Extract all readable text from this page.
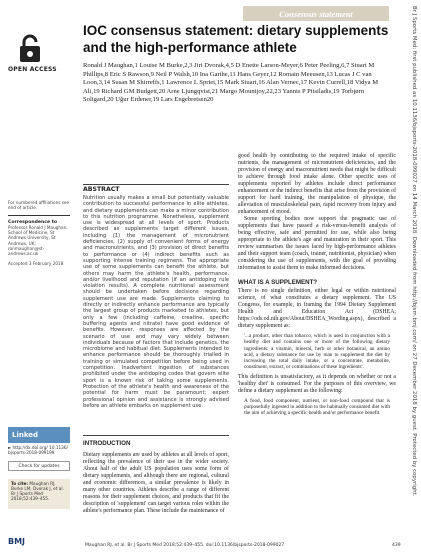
Consensus statement
OPEN ACCESS
IOC consensus statement: dietary supplements and the high-performance athlete
Ronald J Maughan,1 Louise M Burke,2,3 Jiri Dvorak,4,5 D Enette Larson-Meyer,6 Peter Peeling,6,7 Stuart M Phillips,8 Eric S Rawson,9 Neil P Walsh,10 Ina Garthe,11 Hans Geyer,12 Romain Meeusen,13 Lucas J C van Loon,3,14 Susan M Shirreffs,1 Lawrence L Spriet,15 Mark Stuart,16 Alan Vernec,17 Kevin Currell,18 Vidya M Ali,19 Richard GM Budgett,20 Arne Ljungqvist,21 Margo Mountjoy,22,23 Yannis P Pitsiladis,19 Torbjørn Soligard,20 Uğur Erdener,19 Lars Engebretsen20

For numbered affiliations see end of article.

Correspondence to

Professor Ronald J Maughan, School of Medicine, St Andrews University, St Andrews, UK; ronmaughan@st-andrews.ac.uk

Accepted 3 February 2018

ABSTRACT
Nutrition usually makes a small but potentially valuable contribution to successful performance in elite athletes, and dietary supplements can make a minor contribution to this nutrition programme. Nonetheless, supplement use is widespread at all levels of sport. Products described as supplements target different issues, including (1) the management of micronutrient deficiencies, (2) supply of convenient forms of energy and macronutrients, and (3) provision of direct benefits to performance or (4) indirect benefits such as supporting intense training regimens. The appropriate use of some supplements can benefit the athlete, but others may harm the athlete's health, performance, and/or livelihood and reputation (if an antidoping rule violation results). A complete nutritional assessment should be undertaken before decisions regarding supplement use are made. Supplements claiming to directly or indirectly enhance performance are typically the largest group of products marketed to athletes, but only a few (including caffeine, creatine, specific buffering agents and nitrate) have good evidence of benefits. However, responses are affected by the scenario of use and may vary widely between individuals because of factors that include genetics, the microbiome and habitual diet. Supplements intended to enhance performance should be thoroughly trialled in training or simulated competition before being used in competition. Inadvertent ingestion of substances prohibited under the antidoping codes that govern elite sport is a known risk of taking some supplements. Protection of the athlete's health and awareness of the potential for harm must be paramount; expert professional opinion and assistance is strongly advised before an athlete embarks on supplement use.
INTRODUCTION
Dietary supplements are used by athletes at all levels of sport, reflecting the prevalence of their use in the wider society. About half of the adult US population uses some form of dietary supplements, and although there are regional, cultural and economic differences, a similar prevalence is likely in many other countries. Athletes describe a range of different reasons for their supplement choices, and products that fit the description of 'supplement' can target various roles within the athlete's performance plan. These include the maintenance of
good health by contributing to the required intake of specific nutrients, the management of micronutrient deficiencies, and the provision of energy and macronutrient needs that might be difficult to achieve through food intake alone. Other specific uses of supplements reported by athletes include direct performance enhancement or the indirect benefits that arise from the provision of support for hard training, the manipulation of physique, the alleviation of musculoskeletal pain, rapid recovery from injury and enhancement of mood.
Some sporting bodies now support the pragmatic use of supplements that have passed a risk-versus-benefit analysis of being effective, safe and permitted for use, while also being appropriate to the athlete's age and maturation in their sport. This review summarises the issues faced by high-performance athletes and their support team (coach, trainer, nutritionist, physician) when considering the use of supplements, with the goal of providing information to assist them to make informed decisions.
WHAT IS A SUPPLEMENT?
There is no single definition, either legal or within nutritional science, of what constitutes a dietary supplement. The US Congress, for example, in framing the 1994 Dietary Supplement Health and Education Act (DSHEA; https://ods.od.nih.gov/About/DSHEA_Wording.aspx), described a dietary supplement as:
'...a product, other than tobacco, which is used in conjunction with a healthy diet and contains one or more of the following dietary ingredients: a vitamin, mineral, herb or other botanical, an amino acid, a dietary substance for use by man to supplement the diet by increasing the total daily intake, or a concentrate, metabolite, constituent, extract, or combinations of these ingredients'.
This definition is unsatisfactory, as it depends on whether or not a 'healthy diet' is consumed. For the purposes of this overview, we define a dietary supplement as the following:
A food, food component, nutrient, or non-food compound that is purposefully ingested in addition to the habitually consumed diet with the aim of achieving a specific health and/or performance benefit.
Linked
► http://dx.doi.org/ 10.1136/ bjsports-2018-099199
Check for updates
To cite: Maughan RJ, Burke LM, Dvorak J, et al. Br J Sports Med 2018;52:439–455.
BMJ	Maughan RJ, et al. Br J Sports Med 2018;52:439–455. doi:10.1136/bjsports-2018-099027	439
Br J Sports Med: first published as 10.1136/bjsports-2018-099027 on 14 March 2018. Downloaded from http://bjsm.bmj.com/ on 27 December 2018 by guest. Protected by copyright.
